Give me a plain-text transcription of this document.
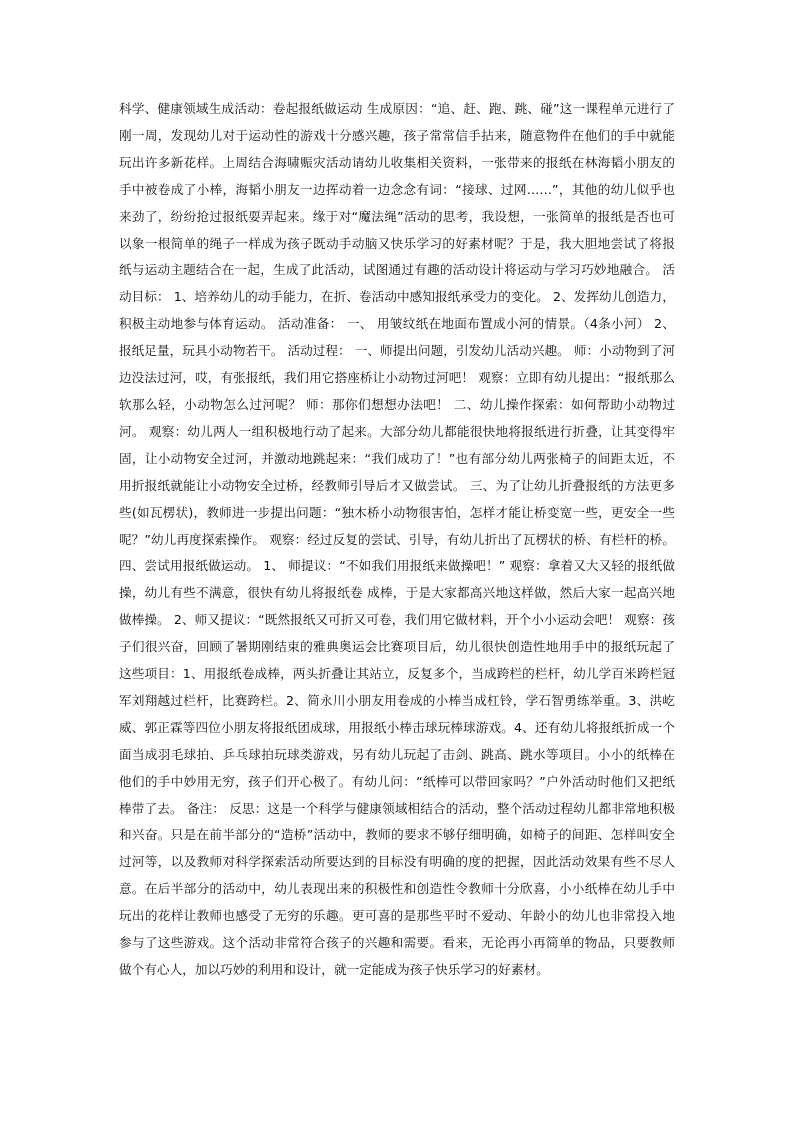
科学、健康领域生成活动：卷起报纸做运动 生成原因：“追、赶、跑、跳、碰”这一课程单元进行了刚一周，发现幼儿对于运动性的游戏十分感兴趣，孩子常常信手拈来，随意物件在他们的手中就能玩出许多新花样。上周结合海啸赈灾活动请幼儿收集相关资料，一张带来的报纸在林海韬小朋友的手中被卷成了小棒，海韬小朋友一边挥动着一边念念有词：“接球、过网……”，其他的幼儿似乎也来劲了，纷纷抢过报纸耍弄起来。缘于对“魔法绳”活动的思考，我设想，一张简单的报纸是否也可以象一根简单的绳子一样成为孩子既动手动脑又快乐学习的好素材呢？于是，我大胆地尝试了将报纸与运动主题结合在一起，生成了此活动，试图通过有趣的活动设计将运动与学习巧妙地融合。 活动目标： 1、培养幼儿的动手能力，在折、卷活动中感知报纸承受力的变化。 2、发挥幼儿创造力，积极主动地参与体育运动。 活动准备： 一、 用皱纹纸在地面布置成小河的情景。（4条小河） 2、 报纸足量，玩具小动物若干。 活动过程： 一、师提出问题，引发幼儿活动兴趣。 师：小动物到了河边没法过河，哎，有张报纸，我们用它搭座桥让小动物过河吧！ 观察：立即有幼儿提出：“报纸那么软那么轻，小动物怎么过河呢？ 师：那你们想想办法吧！ 二、幼儿操作探索：如何帮助小动物过河。 观察：幼儿两人一组积极地行动了起来。大部分幼儿都能很快地将报纸进行折叠，让其变得牢固，让小动物安全过河，并激动地跳起来：“我们成功了！”也有部分幼儿两张椅子的间距太近，不用折报纸就能让小动物安全过桥，经教师引导后才又做尝试。 三、为了让幼儿折叠报纸的方法更多些(如瓦楞状)，教师进一步提出问题：“独木桥小动物很害怕，怎样才能让桥变宽一些，更安全一些呢？”幼儿再度探索操作。 观察：经过反复的尝试、引导，有幼儿折出了瓦楞状的桥、有栏杆的桥。 四、尝试用报纸做运动。 1、 师提议：“不如我们用报纸来做操吧！” 观察：拿着又大又轻的报纸做操，幼儿有些不满意，很快有幼儿将报纸卷 成棒，于是大家都高兴地这样做，然后大家一起高兴地做棒操。 2、师又提议：“既然报纸又可折又可卷，我们用它做材料，开个小小运动会吧！ 观察：孩子们很兴奋，回顾了暑期刚结束的雅典奥运会比赛项目后，幼儿很快创造性地用手中的报纸玩起了这些项目：1、用报纸卷成棒，两头折叠让其站立，反复多个，当成跨栏的栏杆，幼儿学百米跨栏冠军刘翔越过栏杆，比赛跨栏。2、简永川小朋友用卷成的小棒当成杠铃，学石智勇练举重。3、洪屹威、郭正霖等四位小朋友将报纸团成球，用报纸小棒击球玩棒球游戏。4、还有幼儿将报纸折成一个面当成羽毛球拍、乒乓球拍玩球类游戏，另有幼儿玩起了击剑、跳高、跳水等项目。小小的纸棒在他们的手中妙用无穷，孩子们开心极了。有幼儿问：“纸棒可以带回家吗？”户外活动时他们又把纸棒带了去。 备注： 反思：这是一个科学与健康领域相结合的活动，整个活动过程幼儿都非常地积极和兴奋。只是在前半部分的“造桥”活动中，教师的要求不够仔细明确，如椅子的间距、怎样叫安全过河等，以及教师对科学探索活动所要达到的目标没有明确的度的把握，因此活动效果有些不尽人意。在后半部分的活动中，幼儿表现出来的积极性和创造性令教师十分欣喜，小小纸棒在幼儿手中玩出的花样让教师也感受了无穷的乐趣。更可喜的是那些平时不爱动、年龄小的幼儿也非常投入地参与了这些游戏。这个活动非常符合孩子的兴趣和需要。看来，无论再小再简单的物品，只要教师做个有心人，加以巧妙的利用和设计，就一定能成为孩子快乐学习的好素材。
